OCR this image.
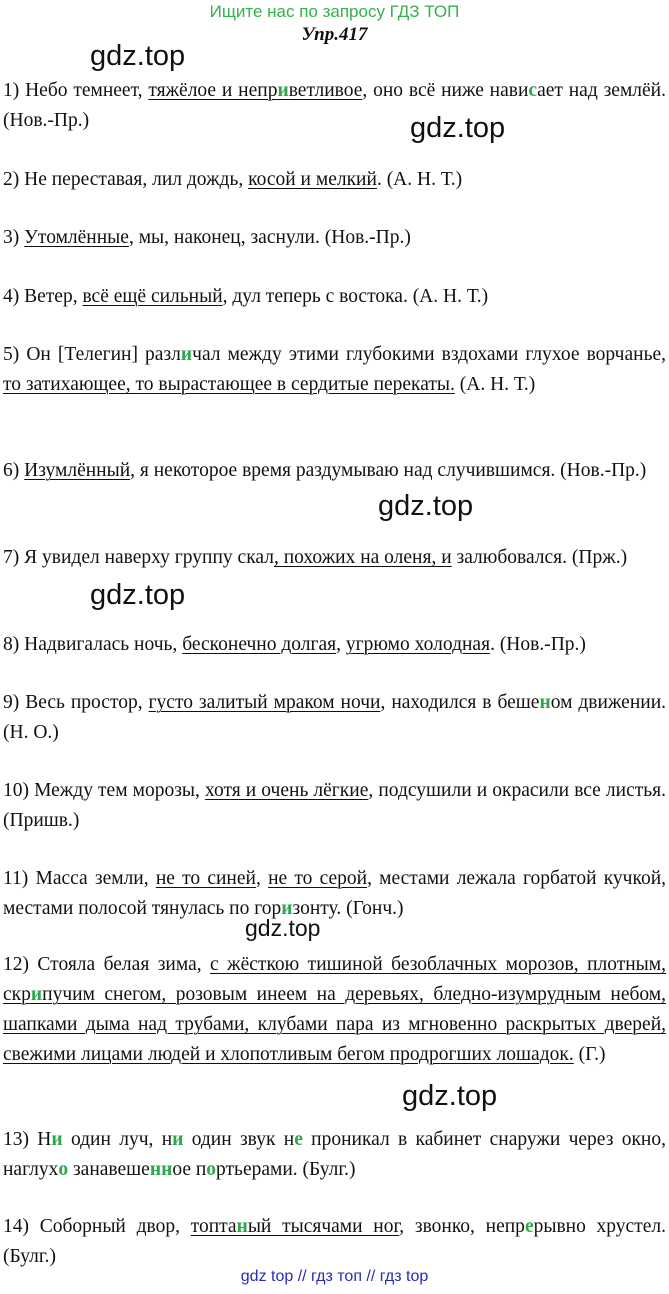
Ищите нас по запросу ГДЗ ТОП
Упр.417
gdz.top
gdz.top
gdz.top
gdz.top
gdz.top
gdz.top
1) Небо темнеет, тяжёлое и неприветливое, оно всё ниже нависает над землёй. (Нов.-Пр.)
2) Не переставая, лил дождь, косой и мелкий. (А. Н. Т.)
3) Утомлённые, мы, наконец, заснули. (Нов.-Пр.)
4) Ветер, всё ещё сильный, дул теперь с востока. (А. Н. Т.)
5) Он [Телегин] различал между этими глубокими вздохами глухое ворчанье, то затихающее, то вырастающее в сердитые перекаты. (А. Н. Т.)
6) Изумлённый, я некоторое время раздумываю над случившимся. (Нов.-Пр.)
7) Я увидел наверху группу скал, похожих на оленя, и залюбовался. (Прж.)
8) Надвигалась ночь, бесконечно долгая, угрюмо холодная. (Нов.-Пр.)
9) Весь простор, густо залитый мраком ночи, находился в бешеном движении. (Н. О.)
10) Между тем морозы, хотя и очень лёгкие, подсушили и окрасили все листья. (Пришв.)
11) Масса земли, не то синей, не то серой, местами лежала горбатой кучкой, местами полосой тянулась по горизонту. (Гонч.)
12) Стояла белая зима, с жёсткою тишиной безоблачных морозов, плотным, скрипучим снегом, розовым инеем на деревьях, бледно-изумрудным небом, шапками дыма над трубами, клубами пара из мгновенно раскрытых дверей, свежими лицами людей и хлопотливым бегом продрогших лошадок. (Г.)
13) Ни один луч, ни один звук не проникал в кабинет снаружи через окно, наглухо занавешенное портьерами. (Булг.)
14) Соборный двор, топтаный тысячами ног, звонко, непрерывно хрустел. (Булг.)
gdz top // гдз топ // гдз top
